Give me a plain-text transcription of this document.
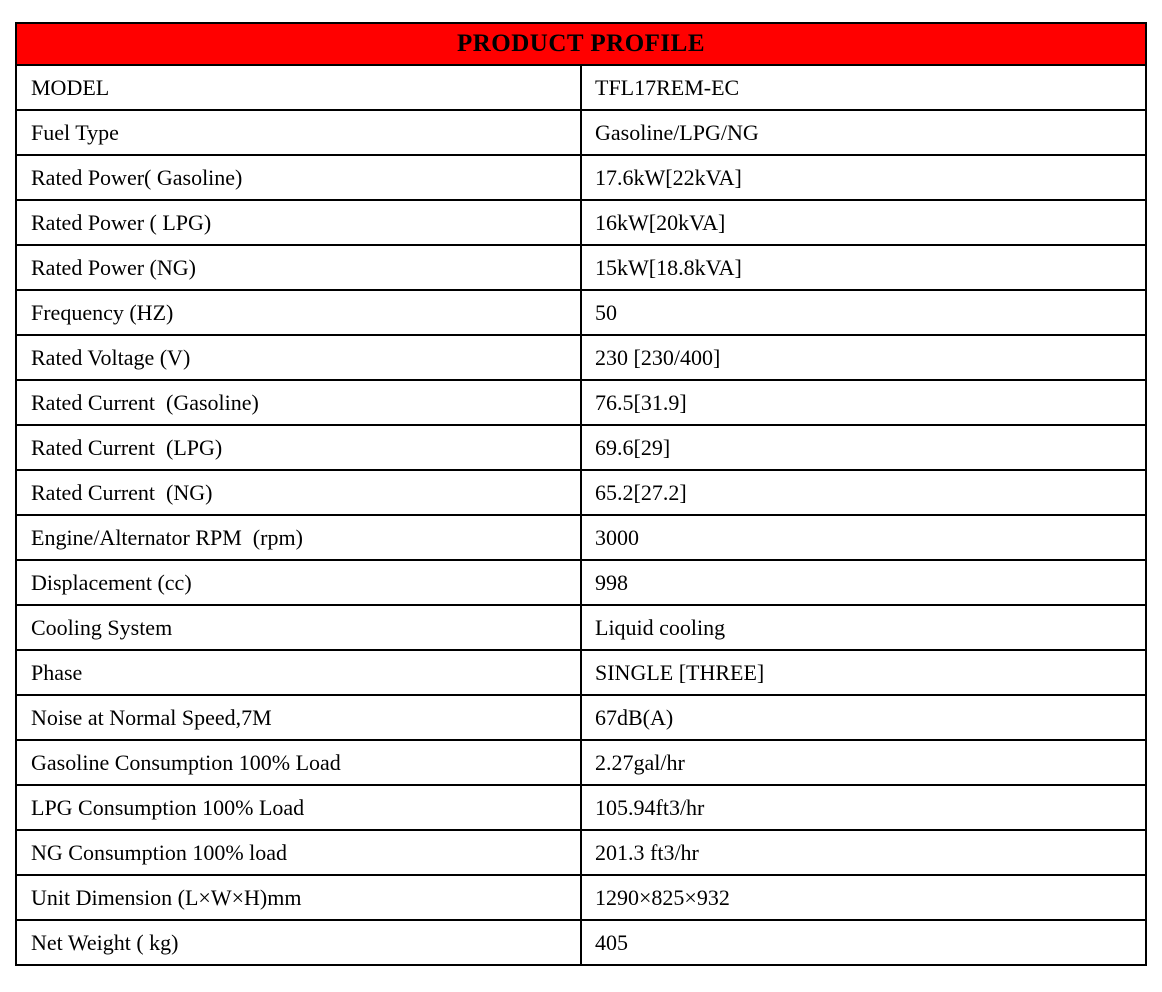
PRODUCT PROFILE	
MODEL	TFL17REM-EC
Fuel Type	Gasoline/LPG/NG
Rated Power( Gasoline)	17.6kW[22kVA]
Rated Power ( LPG)	16kW[20kVA]
Rated Power (NG)	15kW[18.8kVA]
Frequency (HZ)	50
Rated Voltage (V)	230 [230/400]
Rated Current  (Gasoline)	76.5[31.9]
Rated Current  (LPG)	69.6[29]
Rated Current  (NG)	65.2[27.2]
Engine/Alternator RPM  (rpm)	3000
Displacement (cc)	998
Cooling System	Liquid cooling
Phase	SINGLE [THREE]
Noise at Normal Speed,7M	67dB(A)
Gasoline Consumption 100% Load	2.27gal/hr
LPG Consumption 100% Load	105.94ft3/hr
NG Consumption 100% load	201.3 ft3/hr
Unit Dimension (L×W×H)mm	1290×825×932
Net Weight ( kg)	405
